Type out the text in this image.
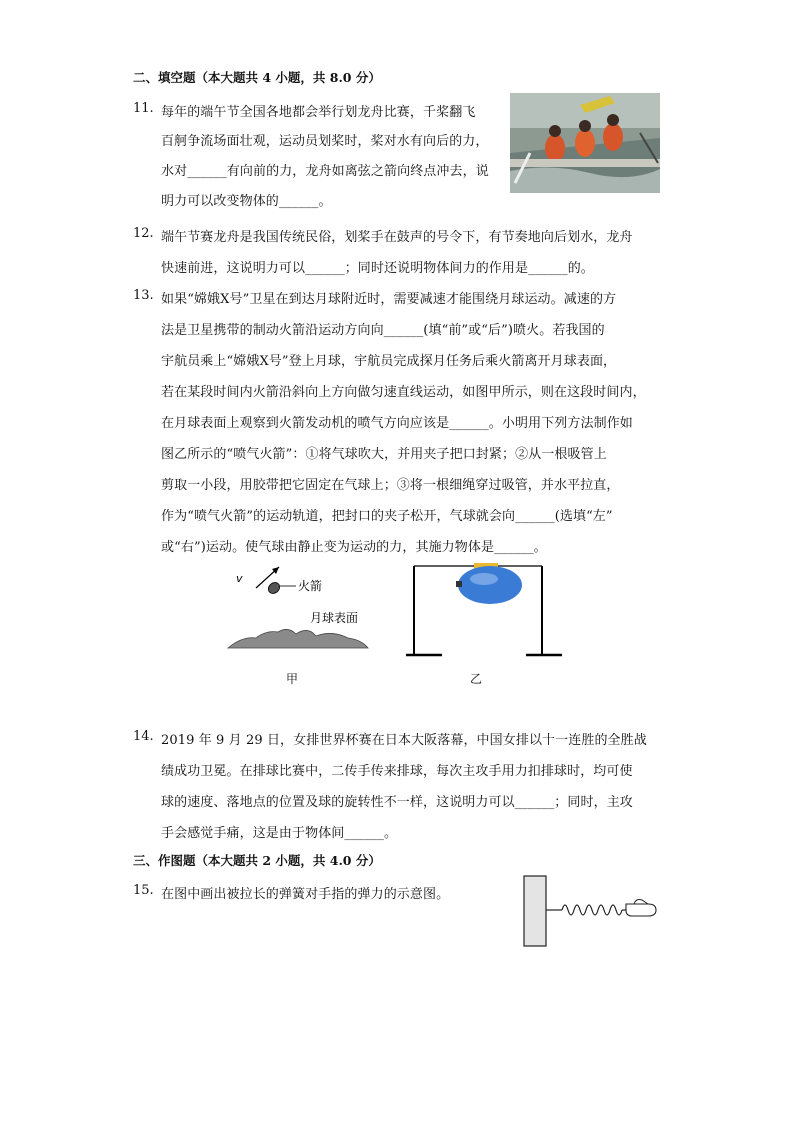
二、填空题（本大题共 4 小题，共 8.0 分）
11. 每年的端午节全国各地都会举行划龙舟比赛，千桨翻飞
百舸争流场面壮观，运动员划桨时，桨对水有向后的力，
水对______有向前的力，龙舟如离弦之箭向终点冲去，说
明力可以改变物体的______。
12. 端午节赛龙舟是我国传统民俗，划桨手在鼓声的号令下，有节奏地向后划水，龙舟
快速前进，这说明力可以______；同时还说明物体间力的作用是______的。
13. 如果“嫦娥X号”卫星在到达月球附近时，需要减速才能围绕月球运动。减速的方
法是卫星携带的制动火箭沿运动方向向______(填“前”或“后”)喷火。若我国的
宇航员乘上“嫦娥X号”登上月球，宇航员完成探月任务后乘火箭离开月球表面，
若在某段时间内火箭沿斜向上方向做匀速直线运动，如图甲所示，则在这段时间内，
在月球表面上观察到火箭发动机的喷气方向应该是______。小明用下列方法制作如
图乙所示的“喷气火箭”：①将气球吹大，并用夹子把口封紧；②从一根吸管上
剪取一小段，用胶带把它固定在气球上；③将一根细绳穿过吸管，并水平拉直，
作为“喷气火箭”的运动轨道，把封口的夹子松开，气球就会向______(选填“左”
或“右”)运动。使气球由静止变为运动的力，其施力物体是______。
v
火箭
月球表面
甲	乙
14. 2019 年 9 月 29 日，女排世界杯赛在日本大阪落幕，中国女排以十一连胜的全胜战
绩成功卫冕。在排球比赛中，二传手传来排球，每次主攻手用力扣排球时，均可使
球的速度、落地点的位置及球的旋转性不一样，这说明力可以______；同时，主攻
手会感觉手痛，这是由于物体间______。
三、作图题（本大题共 2 小题，共 4.0 分）
15. 在图中画出被拉长的弹簧对手指的弹力的示意图。
